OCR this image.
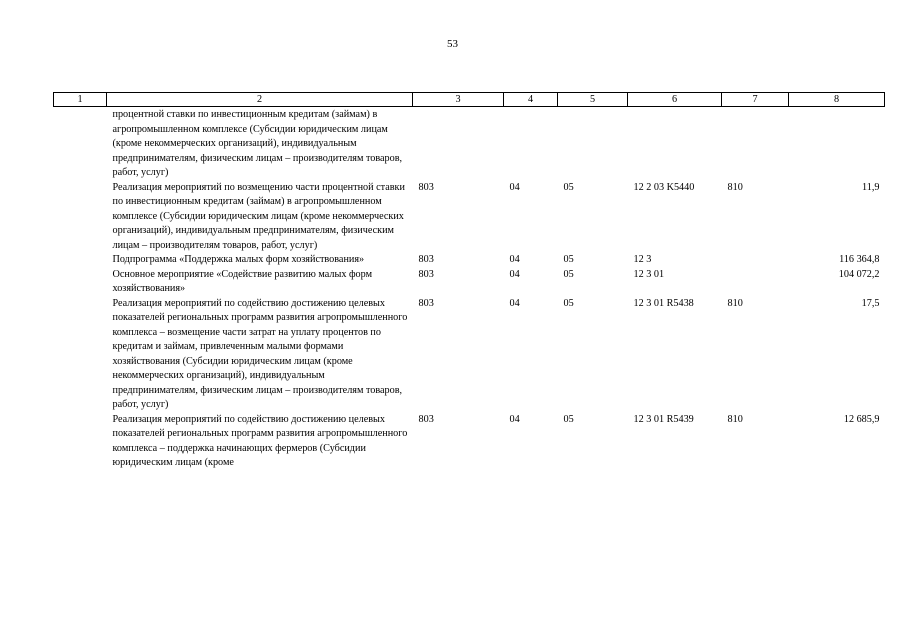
53
1	2	3	4	5	6	7	8
	процентной ставки по инвестиционным кредитам (займам) в агропромышленном комплексе (Субсидии юридическим лицам (кроме некоммерческих организаций), индивидуальным предпринимателям, физическим лицам – производителям товаров, работ, услуг)						
	Реализация мероприятий по возмещению части процентной ставки по инвестиционным кредитам (займам) в агропромышленном комплексе (Субсидии юридическим лицам (кроме некоммерческих организаций), индивидуальным предпринимателям, физическим лицам – производителям товаров, работ, услуг)	803	04	05	12 2 03 K5440	810	11,9
	Подпрограмма «Поддержка малых форм хозяйствования»	803	04	05	12 3		116 364,8
	Основное мероприятие «Содействие развитию малых форм хозяйствования»	803	04	05	12 3 01		104 072,2
	Реализация мероприятий по содействию достижению целевых показателей региональных программ развития агропромышленного комплекса – возмещение части затрат на уплату процентов по кредитам и займам, привлеченным малыми формами хозяйствования (Субсидии юридическим лицам (кроме некоммерческих организаций), индивидуальным предпринимателям, физическим лицам – производителям товаров, работ, услуг)	803	04	05	12 3 01 R5438	810	17,5
	Реализация мероприятий по содействию достижению целевых показателей региональных программ развития агропромышленного комплекса – поддержка начинающих фермеров (Субсидии юридическим лицам (кроме	803	04	05	12 3 01 R5439	810	12 685,9
